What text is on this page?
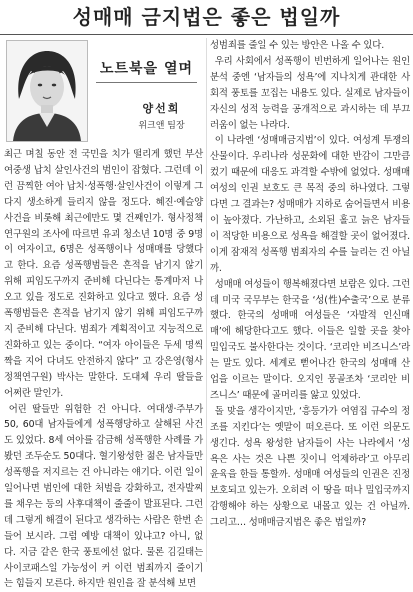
성매매 금지법은 좋은 법일까
노트북을 열며
양선희
위크앤 팀장

최근 며칠 동안 전 국민을 치가 떨리게 했던 부산 여중생 납치 살인사건의 범인이 잡혔다. 그런데 이런 끔찍한 여아 납치·성폭행·살인사건이 이렇게 그다지 생소하게 들리지 않을 정도다. 혜진·예슬양 사건을 비롯해 최근에만도 몇 건째인가. 형사정책연구원의 조사에 따르면 유괴 청소년 10명 중 9명이 여자이고, 6명은 성폭행이나 성매매를 당했다고 한다. 요즘 성폭행범들은 흔적을 남기지 않기 위해 피임도구까지 준비해 다닌다는 통계마저 나오고 있을 정도로 진화하고 있다고 했다. 요즘 성폭행범들은 흔적을 남기지 않기 위해 피임도구까지 준비해 다닌다. 범죄가 계획적이고 지능적으로 진화하고 있는 중이다. “여자 아이들은 두세 명씩 짝을 지어 다녀도 안전하지 않다” 고 강은영(형사정책연구원) 박사는 말한다. 도대체 우리 딸들을 어쩌란 말인가.

어린 딸들만 위험한 건 아니다. 여대생·주부가 50, 60대 남자들에게 성폭행당하고 살해된 사건도 있었다. 8세 여아를 감금해 성폭행한 사례를 가봤던 조두순도 50대다. 혈기왕성한 젊은 남자들만 성폭행을 저지르는 건 아니라는 얘기다. 이런 일이 일어나면 범인에 대한 처벌을 강화하고, 전자발찌를 채우는 등의 사후대책이 줄줄이 발표된다. 그런데 그렇게 해결이 된다고 생각하는 사람은 한번 손들어 보시라. 그럼 예방 대책이 있냐고? 아니, 없다. 지금 같은 한국 풍토에선 없다. 물론 김길태는 사이코패스일 가능성이 커 이런 범죄까지 줄이기는 힘들지 모른다. 하지만 원인을 잘 분석해 보면

성범죄를 줄일 수 있는 방안은 나올 수 있다.

우리 사회에서 성폭행이 빈번하게 일어나는 원인 분석 중엔 ‘남자들의 성욕’에 지나치게 관대한 사회적 풍토를 꼬집는 내용도 있다. 실제로 남자들이 자신의 성적 능력을 공개적으로 과시하는 데 부끄러움이 없는 나라다.

이 나라엔 ‘성매매금지법’이 있다. 여성계 투쟁의 산물이다. 우리나라 성문화에 대한 반감이 그만큼 컸기 때문에 대응도 과격할 수밖에 없었다. 성매매 여성의 인권 보호도 큰 목적 중의 하나였다. 그렇다면 그 결과는? 성매매가 지하로 숨어들면서 비용이 높아졌다. 가난하고, 소외된 홀고 늙은 남자들이 적당한 비용으로 성욕을 해결할 곳이 없어졌다. 이게 잠재적 성폭행 범죄자의 수를 늘리는 건 아닐까.

성매매 여성들이 행복해졌다면 보람은 있다. 그런데 미국 국무부는 한국을 ‘성(性)수출국’으로 분류했다. 한국의 성매매 여성들은 ‘자발적 인신매매’에 해당한다고도 했다. 이들은 일할 곳을 찾아 밀입국도 불사한다는 것이다. ‘코리안 비즈니스’라는 말도 있다. 세계로 뻗어나간 한국의 성매매 산업을 이르는 말이다. 오지인 몽골조차 ‘코리안 비즈니스’ 때문에 골머리를 앓고 있었다.

돌 맞을 생각이지만, ‘흥등가가 여염집 규수의 정조를 지킨다’는 옛말이 떠오른다. 또 이런 의문도 생긴다. 성욕 왕성한 남자들이 사는 나라에서 ‘성욕은 사는 것은 나쁜 짓이니 억제하라’고 아무리 윤육을 한들 통할까. 성매매 여성들의 인권은 진정 보호되고 있는가. 오히려 이 땅을 떠나 밀입국까지 감행해야 하는 상황으로 내몰고 있는 건 아닐까. 그리고… 성매매금지법은 좋은 법일까?
